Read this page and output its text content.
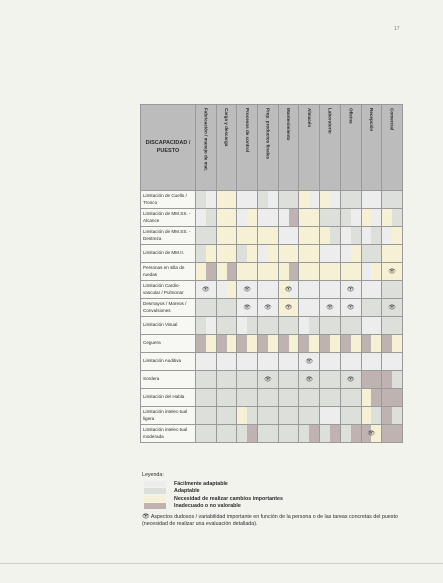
17
DISCAPACIDAD / PUESTO	Fabricación / manejo de mat.	Carga y descarga	Procesos de control	Prep. productos finales	Mantenimiento	Almacén	Laboratorio	Oficina	Recepción	Comercial

Limitación de Cuello / Tronco	

Limitación de MM.SS. - Alcance	

Limitación de MM.SS. - Destreza	

Limitación de MM.II.	

Personas en silla de ruedas										👁

Limitación Cardio-vascular / Pulmonar	👁		👁		👁			👁		

Desmayos / Mareos / Convulsiones			👁	👁	👁		👁	👁		👁

Limitación Visual	

Ceguera	

Limitación Auditiva						👁				

Sordera				👁		👁		👁		

Limitación del Habla	

Limitación intelec-tual ligera	

Limitación intelec-tual moderada									👁	

Leyenda:
Fácilmente adaptable
Adaptable
Necesidad de realizar cambios importantes
Inadecuado o no valorable
👁 Aspectos dudosos / variabilidad importante en función de la persona o de las tareas concretas del puesto (necesidad de realizar una evaluación detallada).
